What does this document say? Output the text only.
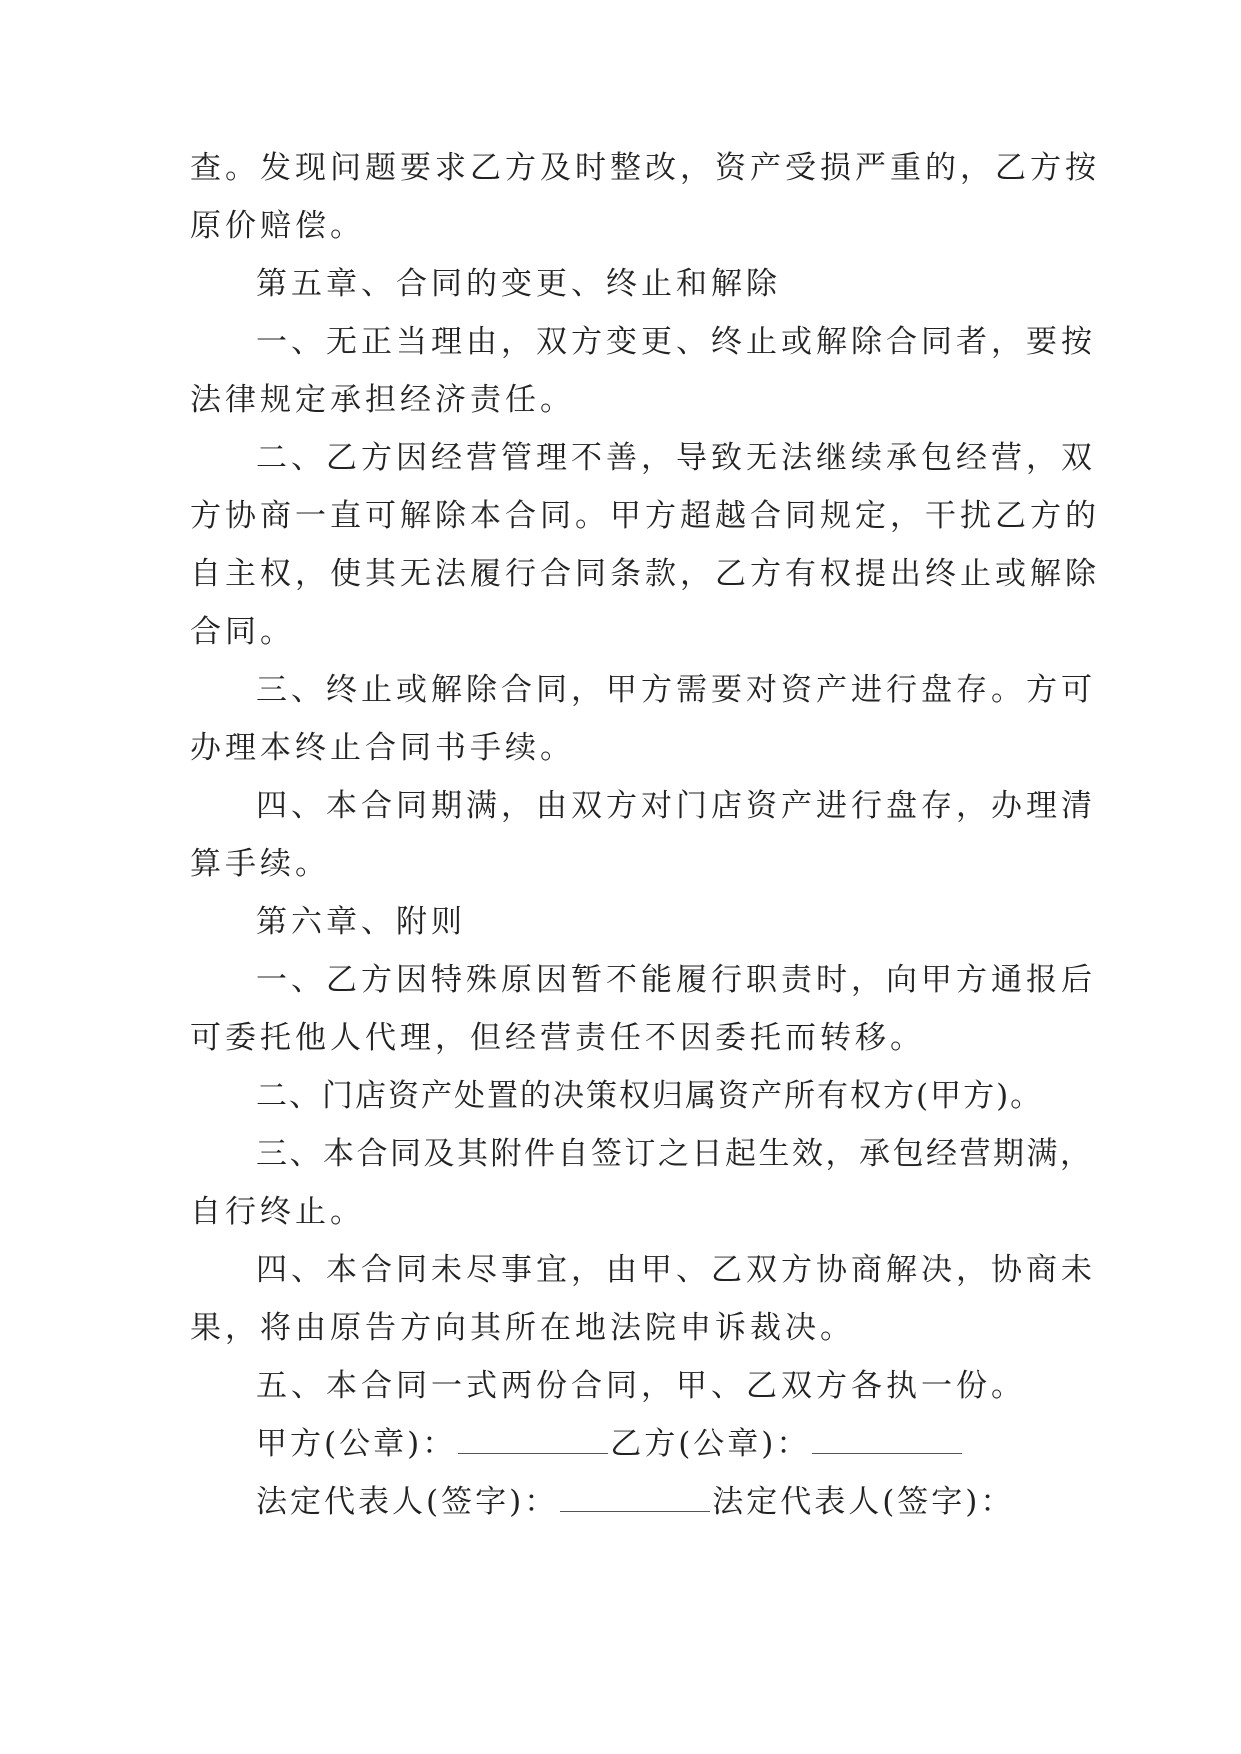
查。发现问题要求乙方及时整改，资产受损严重的，乙方按
原价赔偿。
第五章、合同的变更、终止和解除
一、无正当理由，双方变更、终止或解除合同者，要按
法律规定承担经济责任。
二、乙方因经营管理不善，导致无法继续承包经营，双
方协商一直可解除本合同。甲方超越合同规定，干扰乙方的
自主权，使其无法履行合同条款，乙方有权提出终止或解除
合同。
三、终止或解除合同，甲方需要对资产进行盘存。方可
办理本终止合同书手续。
四、本合同期满，由双方对门店资产进行盘存，办理清
算手续。
第六章、附则
一、乙方因特殊原因暂不能履行职责时，向甲方通报后
可委托他人代理，但经营责任不因委托而转移。
二、门店资产处置的决策权归属资产所有权方(甲方)。
三、本合同及其附件自签订之日起生效，承包经营期满，
自行终止。
四、本合同未尽事宜，由甲、乙双方协商解决，协商未
果，将由原告方向其所在地法院申诉裁决。
五、本合同一式两份合同，甲、乙双方各执一份。
甲方(公章)：	乙方(公章)：
法定代表人(签字)：	法定代表人(签字)：
